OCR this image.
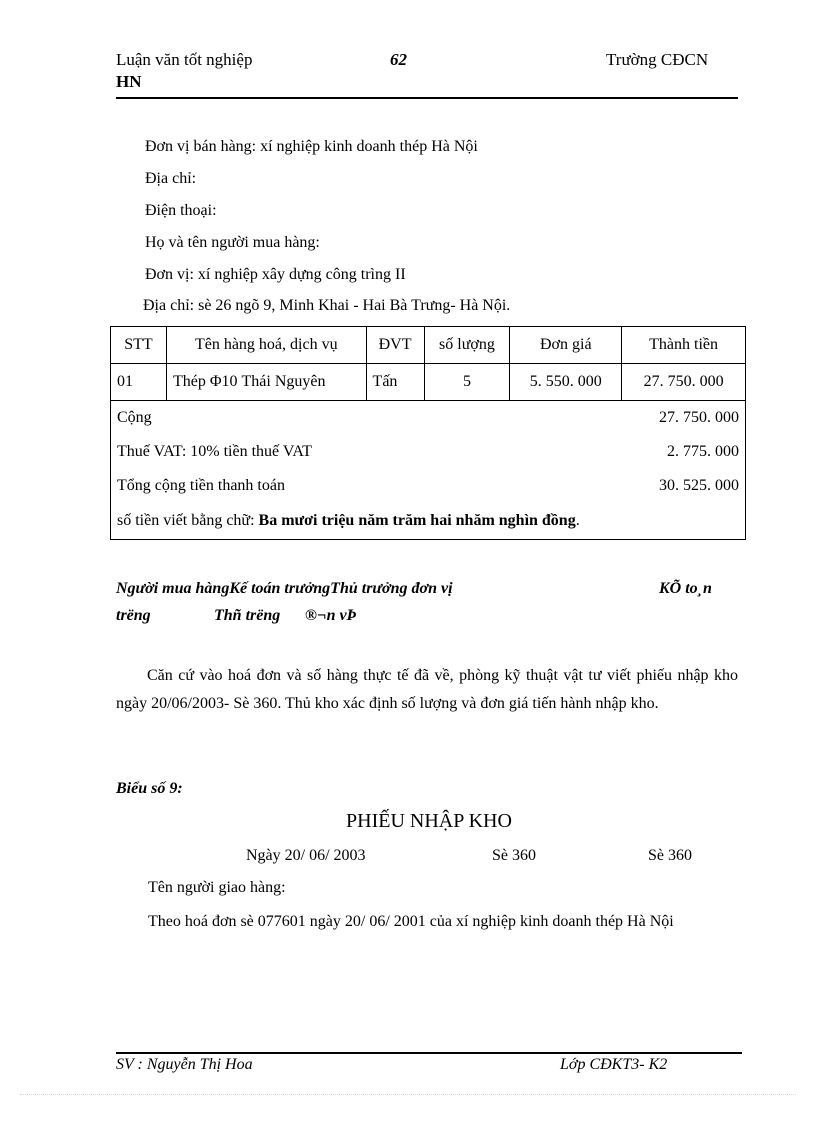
Luận văn tốt nghiệp
HN
62	Trường CĐCN
Đơn vị bán hàng: xí nghiệp kinh doanh thép Hà Nội
Địa chỉ:
Điện thoại:
Họ và tên người mua hàng:
Đơn vị: xí nghiệp xây dựng công trìng II
Địa chỉ: sè 26 ngõ 9, Minh Khai - Hai Bà Trưng- Hà Nội.
STT	Tên hàng hoá, dịch vụ	ĐVT	số lượng	Đơn giá	Thành tiền
01	Thép Φ10 Thái Nguyên	Tấn	5	5. 550. 000	27. 750. 000
Cộng 27. 750. 000					

Thuế VAT: 10% tiền thuế VAT 2. 775. 000					

Tổng cộng tiền thanh toán 30. 525. 000					

số tiền viết bằng chữ: Ba mươi triệu năm trăm hai nhăm nghìn đồng.					
Người mua hàngKế toán trưởngThủ trưởng đơn vị	KÕ to¸n
trëng	Thñ trëng ®¬n vÞ
Căn cứ vào hoá đơn và số hàng thực tế đã về, phòng kỹ thuật vật tư viết phiếu nhập kho ngày 20/06/2003- Sè 360. Thủ kho xác định số lượng và đơn giá tiến hành nhập kho.
Biểu số 9:
PHIẾU NHẬP KHO
Ngày 20/ 06/ 2003	Sè 360	Sè 360
Tên người giao hàng:
Theo hoá đơn sè 077601 ngày 20/ 06/ 2001 của xí nghiệp kinh doanh thép Hà Nội
SV : Nguyễn Thị Hoa	Lớp CĐKT3- K2
